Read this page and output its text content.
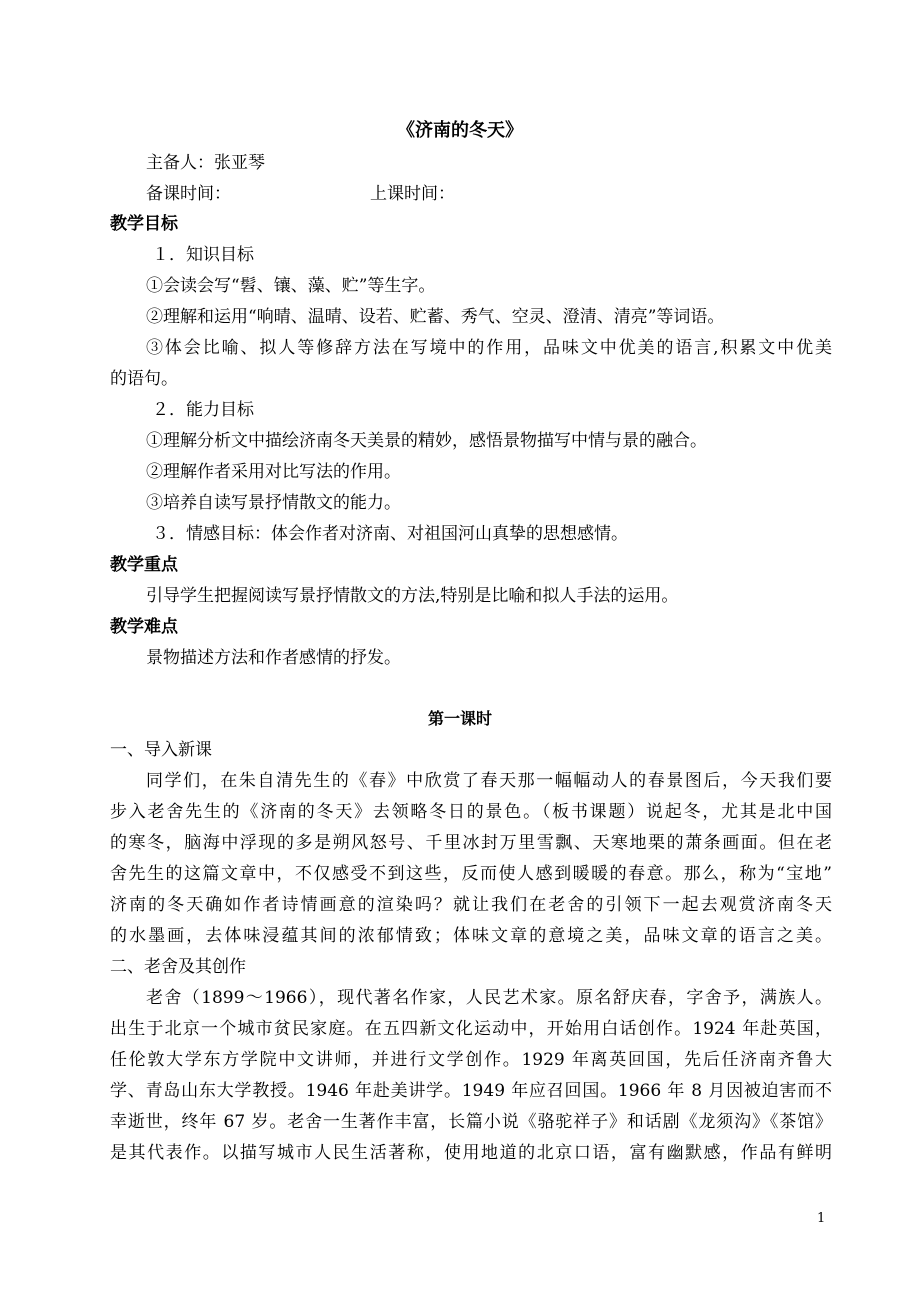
《济南的冬天》
主备人：张亚琴
备课时间：	上课时间：
教学目标
１．知识目标
①会读会写“髫、镶、藻、贮”等生字。
②理解和运用“响晴、温晴、设若、贮蓄、秀气、空灵、澄清、清亮”等词语。
③体会比喻、拟人等修辞方法在写境中的作用，品味文中优美的语言,积累文中优美
的语句。
２．能力目标
①理解分析文中描绘济南冬天美景的精妙，感悟景物描写中情与景的融合。
②理解作者采用对比写法的作用。
③培养自读写景抒情散文的能力。
３．情感目标：体会作者对济南、对祖国河山真挚的思想感情。
教学重点
引导学生把握阅读写景抒情散文的方法,特别是比喻和拟人手法的运用。
教学难点
景物描述方法和作者感情的抒发。
第一课时
一、导入新课
同学们，在朱自清先生的《春》中欣赏了春天那一幅幅动人的春景图后，今天我们要
步入老舍先生的《济南的冬天》去领略冬日的景色。（板书课题）说起冬，尤其是北中国
的寒冬，脑海中浮现的多是朔风怒号、千里冰封万里雪飘、天寒地栗的萧条画面。但在老
舍先生的这篇文章中，不仅感受不到这些，反而使人感到暖暖的春意。那么，称为“宝地”
济南的冬天确如作者诗情画意的渲染吗？就让我们在老舍的引领下一起去观赏济南冬天
的水墨画，去体味浸蕴其间的浓郁情致；体味文章的意境之美，品味文章的语言之美。
二、老舍及其创作
老舍（1899～1966），现代著名作家，人民艺术家。原名舒庆春，字舍予，满族人。
出生于北京一个城市贫民家庭。在五四新文化运动中，开始用白话创作。1924 年赴英国，
任伦敦大学东方学院中文讲师，并进行文学创作。1929 年离英回国，先后任济南齐鲁大
学、青岛山东大学教授。1946 年赴美讲学。1949 年应召回国。1966 年 8 月因被迫害而不
幸逝世，终年 67 岁。老舍一生著作丰富，长篇小说《骆驼祥子》和话剧《龙须沟》《茶馆》
是其代表作。以描写城市人民生活著称，使用地道的北京口语，富有幽默感，作品有鲜明
1
